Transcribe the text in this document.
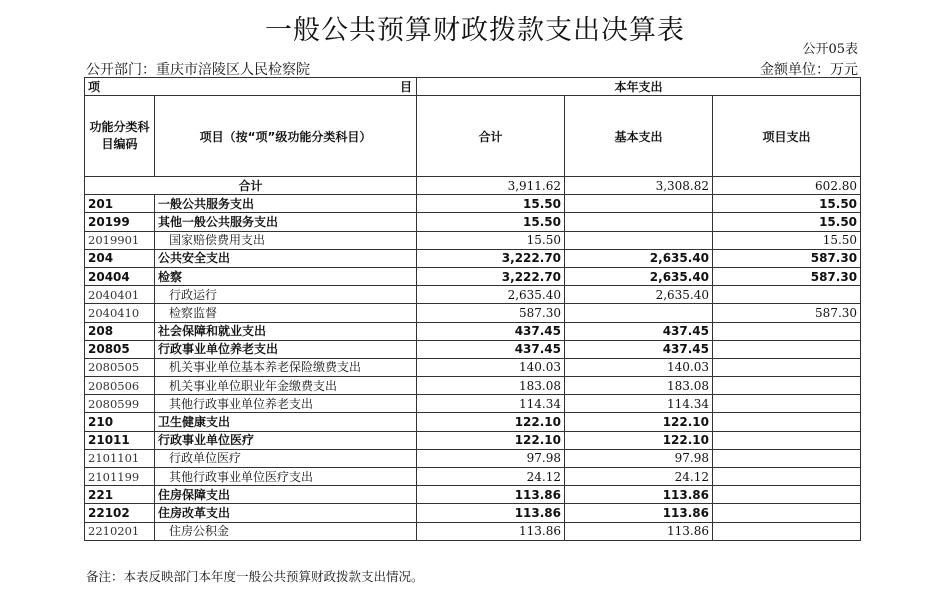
一般公共预算财政拨款支出决算表
公开05表
公开部门：重庆市涪陵区人民检察院	金额单位：万元
项 目		本年支出		
功能分类科目编码	项目（按“项”级功能分类科目）	合计	基本支出	项目支出
合计		3,911.62	3,308.82	602.80
201	一般公共服务支出	15.50		15.50
20199	其他一般公共服务支出	15.50		15.50
2019901	国家赔偿费用支出	15.50		15.50
204	公共安全支出	3,222.70	2,635.40	587.30
20404	检察	3,222.70	2,635.40	587.30
2040401	行政运行	2,635.40	2,635.40	
2040410	检察监督	587.30		587.30
208	社会保障和就业支出	437.45	437.45	
20805	行政事业单位养老支出	437.45	437.45	
2080505	机关事业单位基本养老保险缴费支出	140.03	140.03	
2080506	机关事业单位职业年金缴费支出	183.08	183.08	
2080599	其他行政事业单位养老支出	114.34	114.34	
210	卫生健康支出	122.10	122.10	
21011	行政事业单位医疗	122.10	122.10	
2101101	行政单位医疗	97.98	97.98	
2101199	其他行政事业单位医疗支出	24.12	24.12	
221	住房保障支出	113.86	113.86	
22102	住房改革支出	113.86	113.86	
2210201	住房公积金	113.86	113.86	
备注：本表反映部门本年度一般公共预算财政拨款支出情况。
